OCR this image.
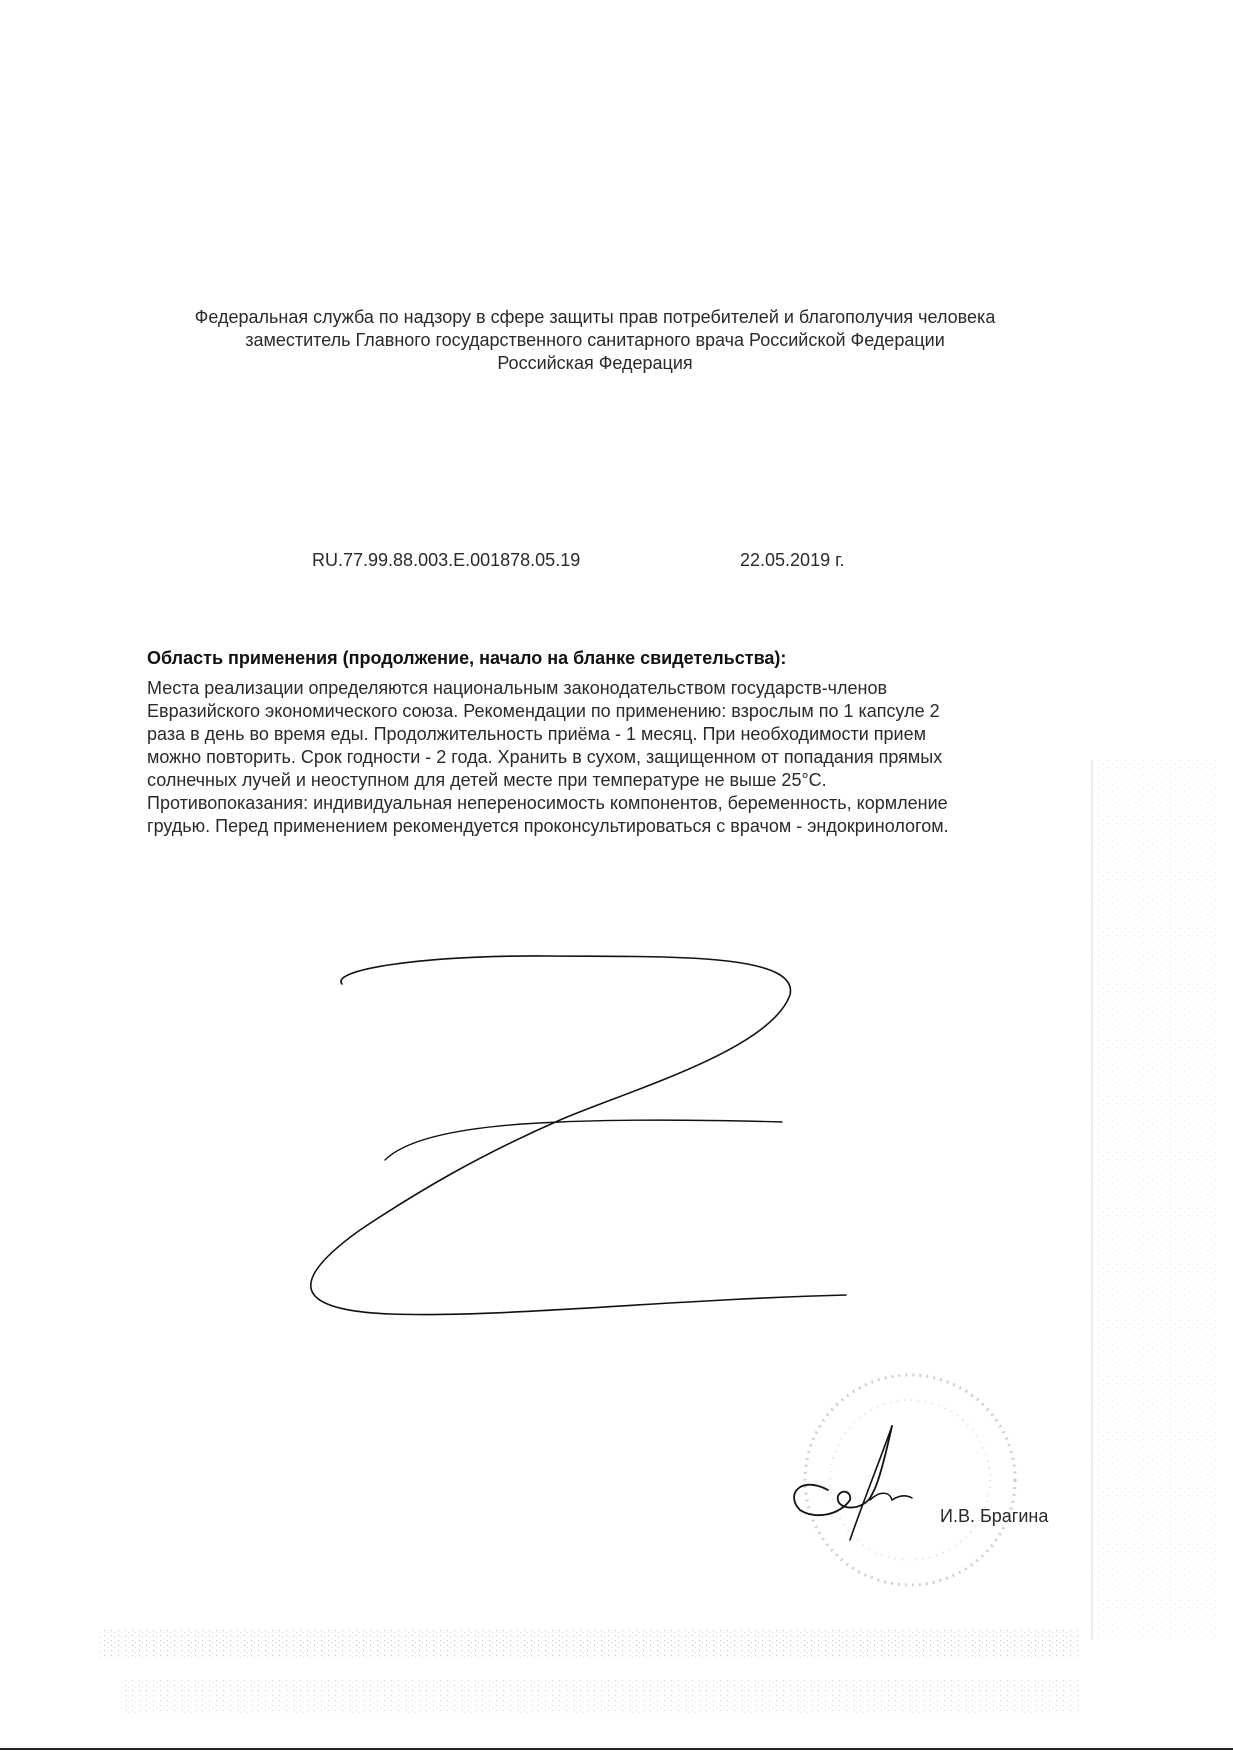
Федеральная служба по надзору в сфере защиты прав потребителей и благополучия человека
заместитель Главного государственного санитарного врача Российской Федерации
Российская Федерация
RU.77.99.88.003.Е.001878.05.19	22.05.2019 г.
Область применения (продолжение, начало на бланке свидетельства):
Места реализации определяются национальным законодательством государств-членов
Евразийского экономического союза. Рекомендации по применению: взрослым по 1 капсуле 2
раза в день во время еды. Продолжительность приёма - 1 месяц. При необходимости прием
можно повторить. Срок годности - 2 года. Хранить в сухом, защищенном от попадания прямых
солнечных лучей и неоступном для детей месте при температуре не выше 25°С.
Противопоказания: индивидуальная непереносимость компонентов, беременность, кормление
грудью. Перед применением рекомендуется проконсультироваться с врачом - эндокринологом.
И.В. Брагина
